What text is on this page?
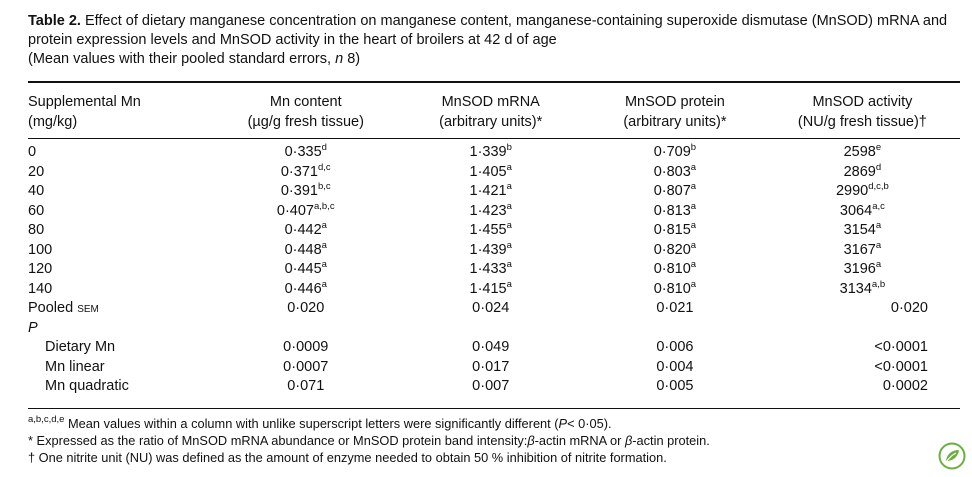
Table 2. Effect of dietary manganese concentration on manganese content, manganese-containing superoxide dismutase (MnSOD) mRNA and protein expression levels and MnSOD activity in the heart of broilers at 42 d of age
(Mean values with their pooled standard errors, n 8)
Supplemental Mn	Mn content	MnSOD mRNA	MnSOD protein	MnSOD activity
(mg/kg)	(µg/g fresh tissue)	(arbitrary units)*	(arbitrary units)*	(NU/g fresh tissue)†

0	$0\cdot 335^d$	$1\cdot 339^b$	$0\cdot 709^b$	2598e
20	$0\cdot 371^{d,c}$	$1\cdot 405^a$	$0\cdot 803^a$	2869$^d$
40	$0\cdot 391^{b,c}$	$1\cdot 421^a$	$0\cdot 807^a$	2990$^{d,c,b}$
60	$0\cdot 407^{a,b,c}$	$1\cdot 423^a$	$0\cdot 813^a$	3064$^{a,c}$
80	$0\cdot 442^a$	$1\cdot 455^a$	$0\cdot 815^a$	3154$^a$
100	$0\cdot 448^a$	$1\cdot 439^a$	$0\cdot 820^a$	3167$^a$
120	$0\cdot 445^a$	$1\cdot 433^a$	$0\cdot 810^a$	3196$^a$
140	$0\cdot 446^a$	$1\cdot 415^a$	$0\cdot 810^a$	3134$^{a,b}$
Pooled sem	0·020	0·024	0·021	0·020
P				
Dietary Mn	0·0009	0·049	0·006	<0·0001
Mn linear	0·0007	0·017	0·004	<0·0001
Mn quadratic	0·071	0·007	0·005	0·0002
$^{a,b,c,d,e}$ Mean values within a column with unlike superscript letters were significantly different (P< 0·05).
* Expressed as the ratio of MnSOD mRNA abundance or MnSOD protein band intensity:β-actin mRNA or β-actin protein.
† One nitrite unit (NU) was defined as the amount of enzyme needed to obtain 50 % inhibition of nitrite formation.
